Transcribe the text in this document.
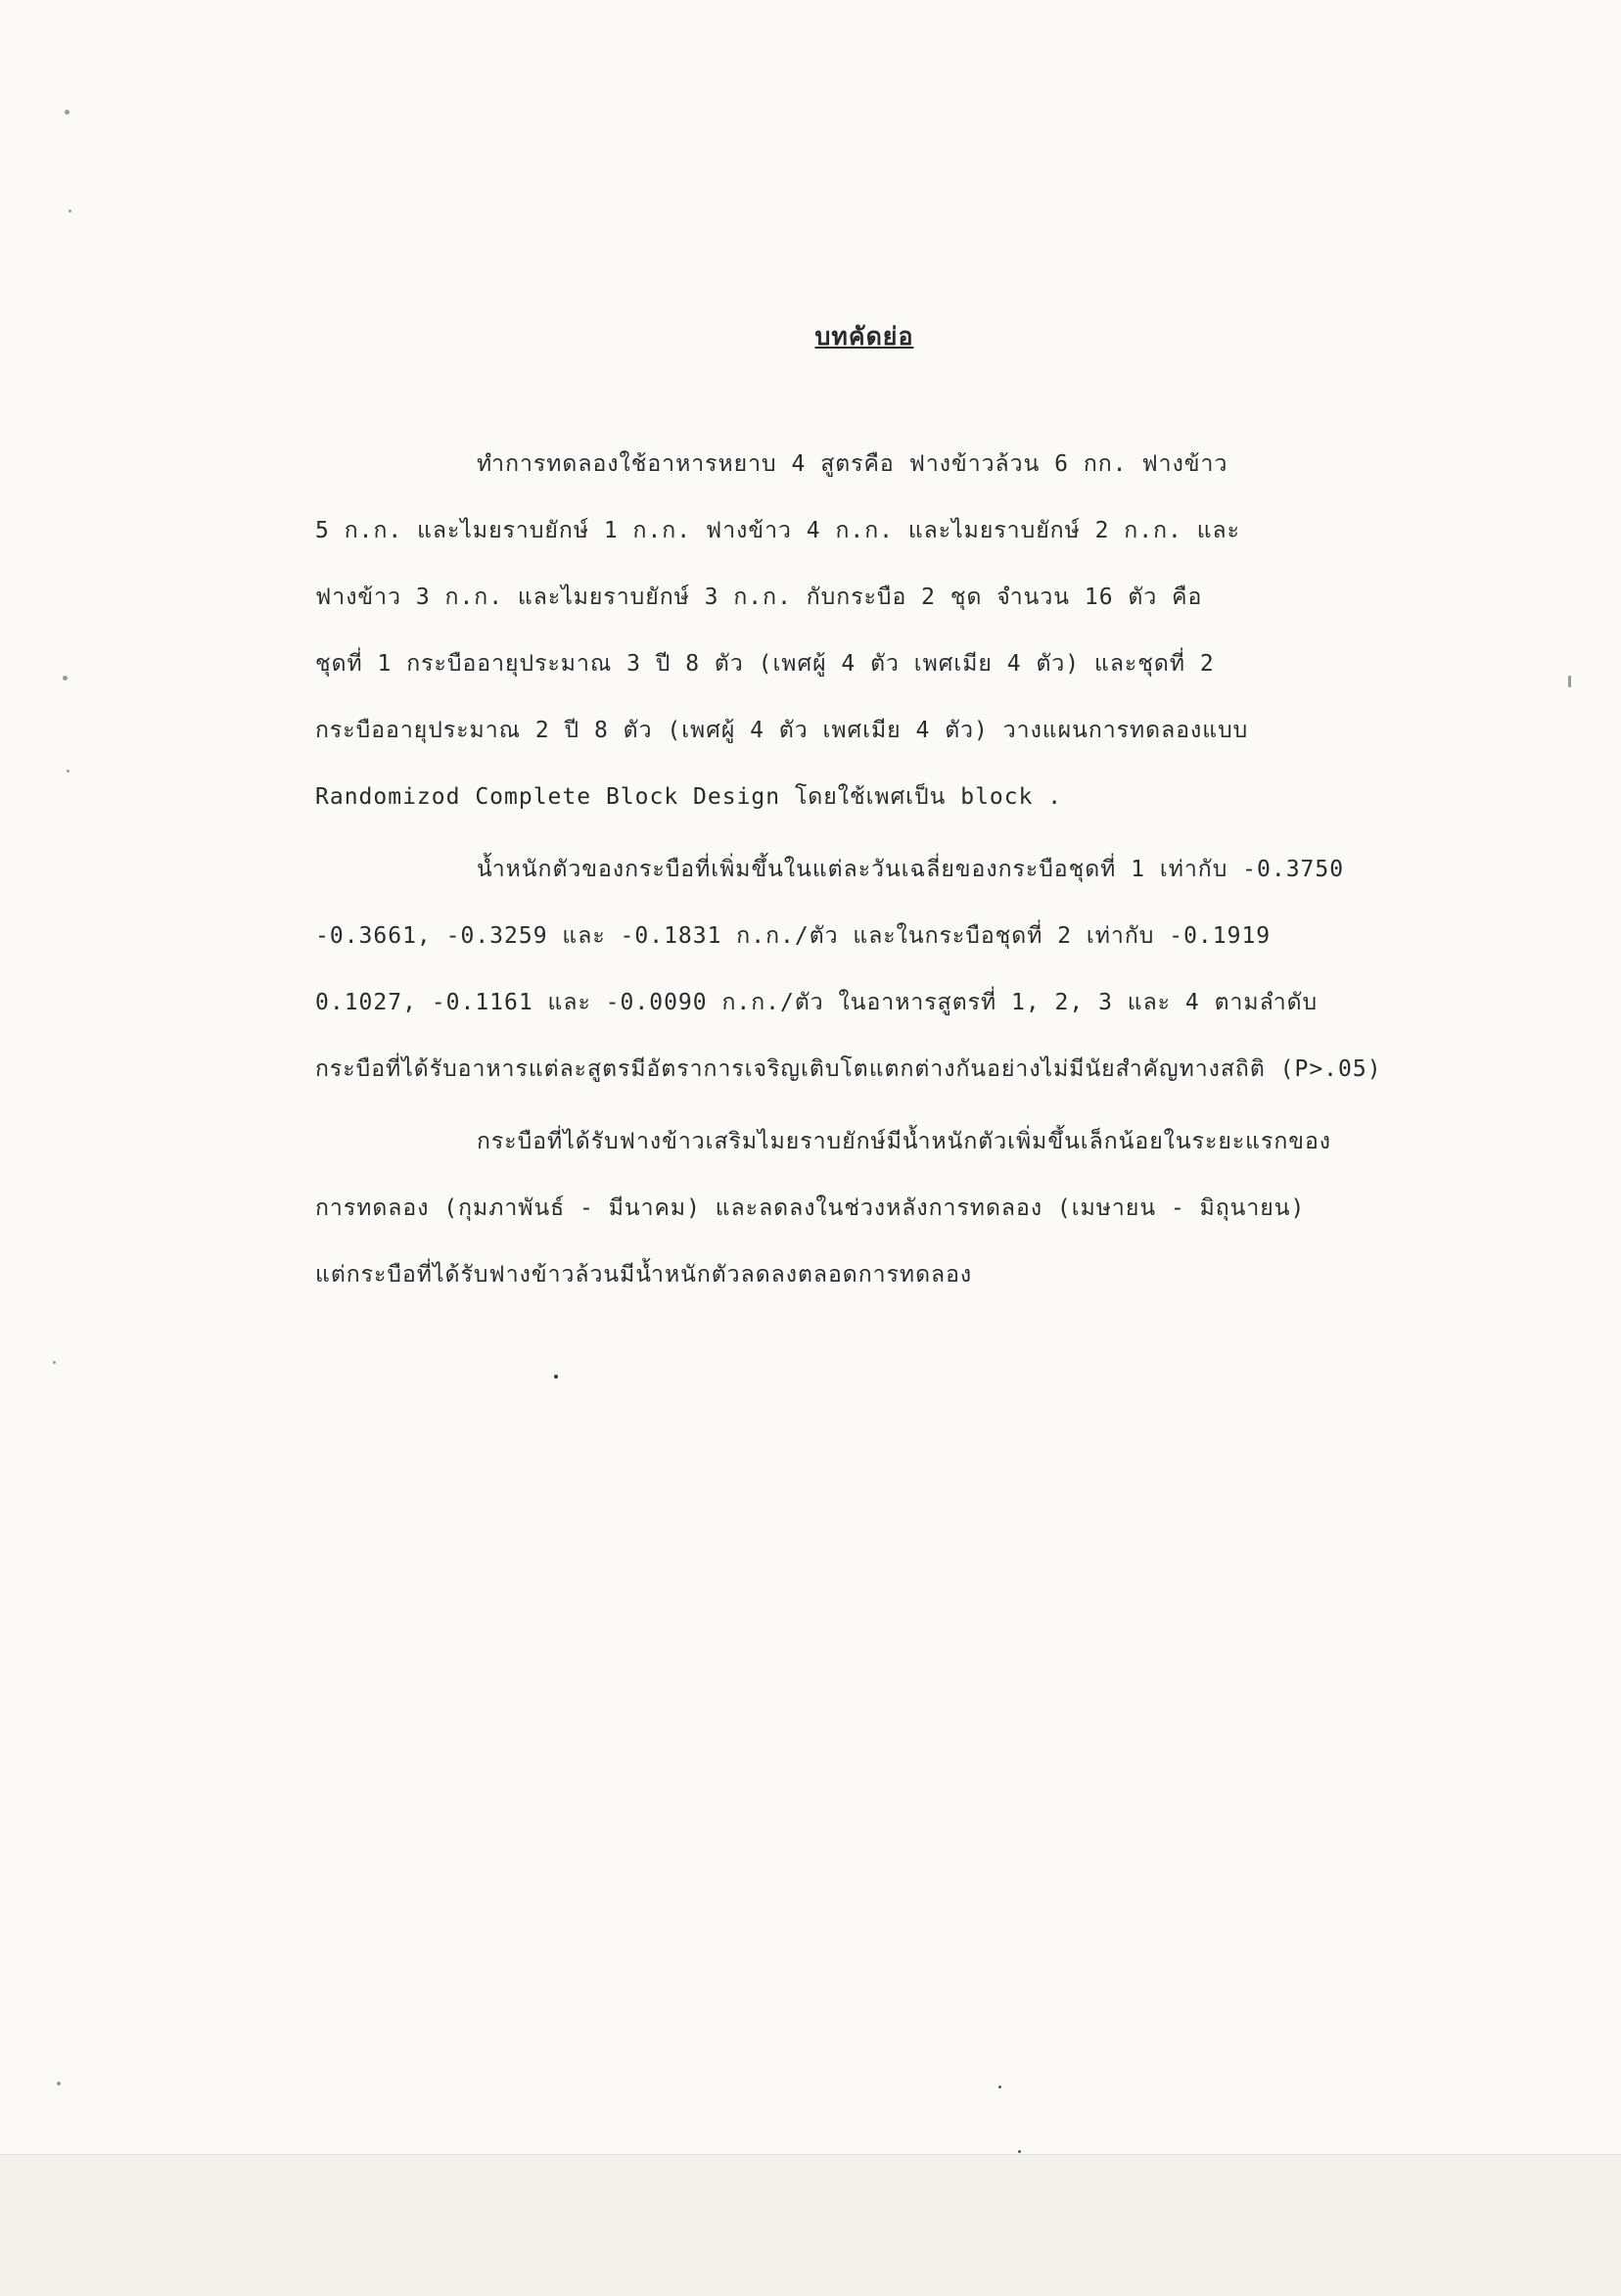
บทคัดย่อ
ทำการทดลองใช้อาหารหยาบ 4 สูตรคือ ฟางข้าวล้วน 6 กก. ฟางข้าว
5 ก.ก. และไมยราบยักษ์ 1 ก.ก. ฟางข้าว 4 ก.ก. และไมยราบยักษ์ 2 ก.ก. และ
ฟางข้าว 3 ก.ก. และไมยราบยักษ์ 3 ก.ก. กับกระบือ 2 ชุด จำนวน 16 ตัว คือ
ชุดที่ 1 กระบืออายุประมาณ 3 ปี 8 ตัว (เพศผู้ 4 ตัว เพศเมีย 4 ตัว) และชุดที่ 2
กระบืออายุประมาณ 2 ปี 8 ตัว (เพศผู้ 4 ตัว เพศเมีย 4 ตัว) วางแผนการทดลองแบบ
Randomizod Complete Block Design โดยใช้เพศเป็น block .
น้ำหนักตัวของกระบือที่เพิ่มขึ้นในแต่ละวันเฉลี่ยของกระบือชุดที่ 1 เท่ากับ -0.3750
-0.3661, -0.3259 และ -0.1831 ก.ก./ตัว และในกระบือชุดที่ 2 เท่ากับ -0.1919
0.1027, -0.1161 และ -0.0090 ก.ก./ตัว ในอาหารสูตรที่ 1, 2, 3 และ 4 ตามลำดับ
กระบือที่ได้รับอาหารแต่ละสูตรมีอัตราการเจริญเติบโตแตกต่างกันอย่างไม่มีนัยสำคัญทางสถิติ (P>.05)
กระบือที่ได้รับฟางข้าวเสริมไมยราบยักษ์มีน้ำหนักตัวเพิ่มขึ้นเล็กน้อยในระยะแรกของ
การทดลอง (กุมภาพันธ์ - มีนาคม) และลดลงในช่วงหลังการทดลอง (เมษายน - มิถุนายน)
แต่กระบือที่ได้รับฟางข้าวล้วนมีน้ำหนักตัวลดลงตลอดการทดลอง
